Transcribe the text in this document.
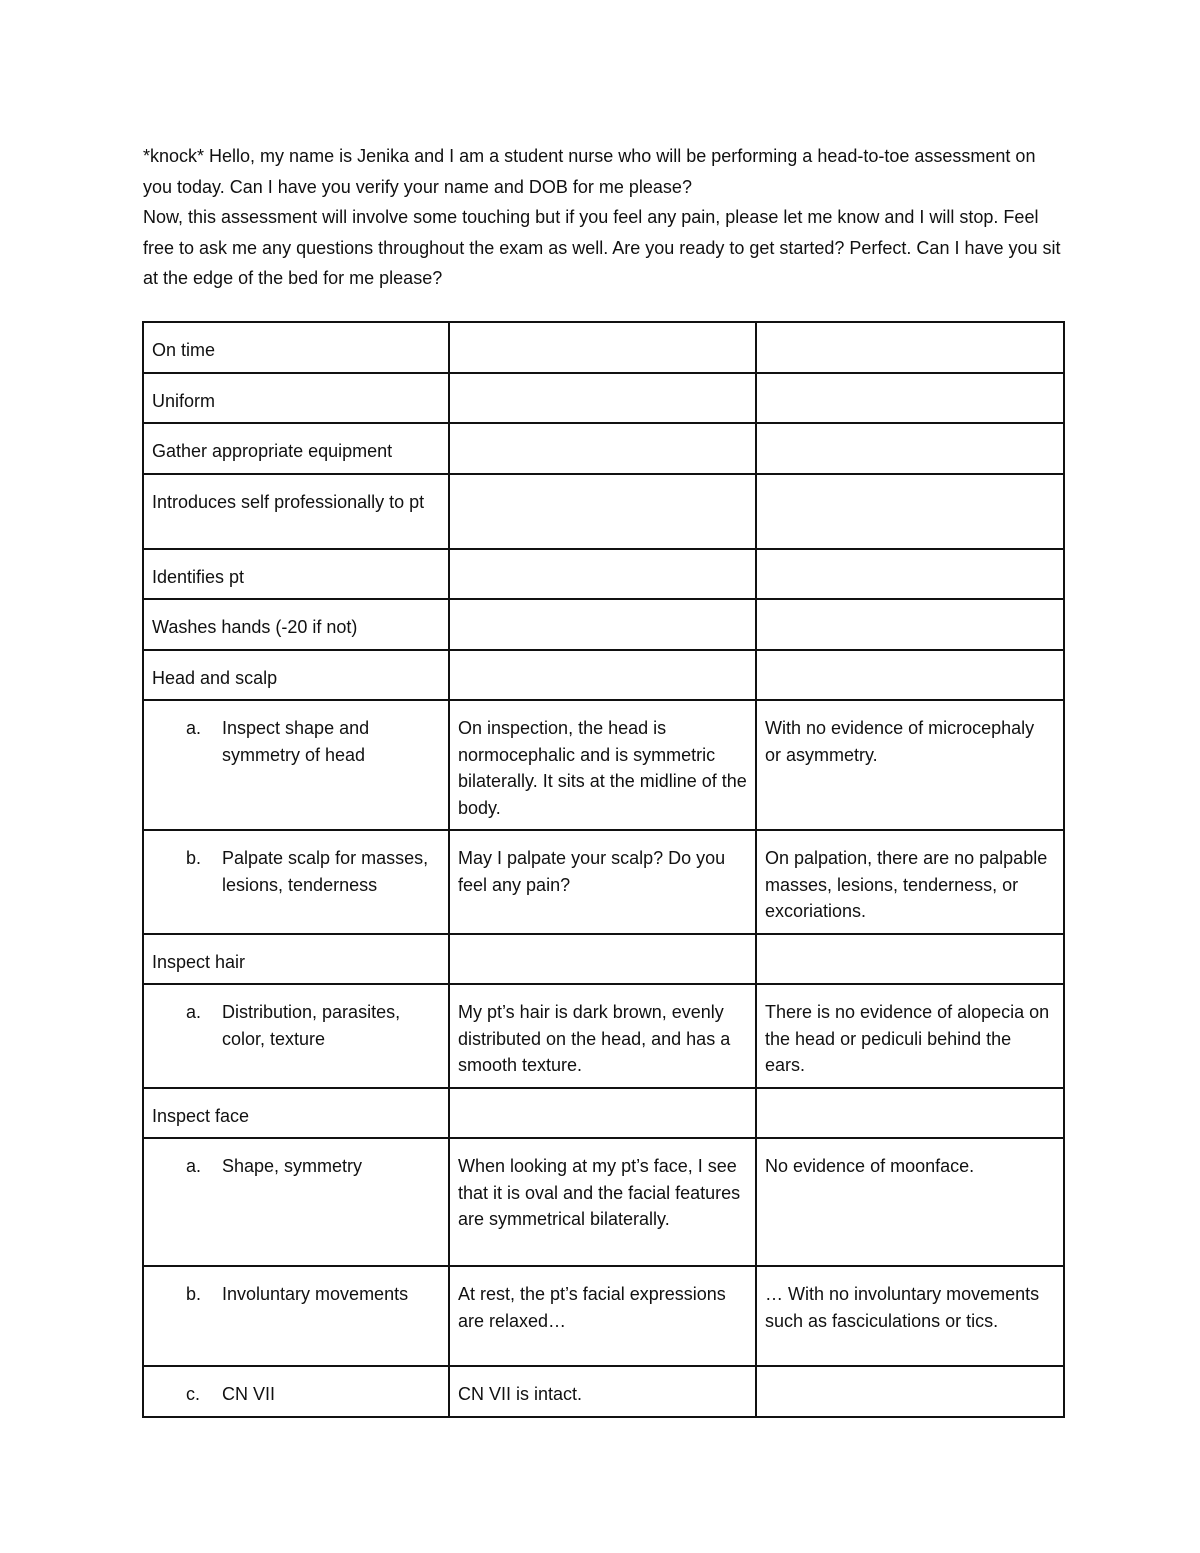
*knock* Hello, my name is Jenika and I am a student nurse who will be performing a head-to-toe assessment on you today. Can I have you verify your name and DOB for me please?

Now, this assessment will involve some touching but if you feel any pain, please let me know and I will stop. Feel free to ask me any questions throughout the exam as well. Are you ready to get started? Perfect. Can I have you sit at the edge of the bed for me please?

On time		
Uniform		
Gather appropriate equipment		
Introduces self professionally to pt		
Identifies pt		
Washes hands (-20 if not)		
Head and scalp		

a. Inspect shape and symmetry of head	On inspection, the head is normocephalic and is symmetric bilaterally. It sits at the midline of the body.	With no evidence of microcephaly or asymmetry.

b. Palpate scalp for masses, lesions, tenderness	May I palpate your scalp? Do you feel any pain?	On palpation, there are no palpable masses, lesions, tenderness, or excoriations.
Inspect hair		

a. Distribution, parasites, color, texture	My pt’s hair is dark brown, evenly distributed on the head, and has a smooth texture.	There is no evidence of alopecia on the head or pediculi behind the ears.
Inspect face		

a. Shape, symmetry	When looking at my pt’s face, I see that it is oval and the facial features are symmetrical bilaterally.	No evidence of moonface.

b. Involuntary movements	At rest, the pt’s facial expressions are relaxed…	… With no involuntary movements such as fasciculations or tics.

c. CN VII	CN VII is intact.	
